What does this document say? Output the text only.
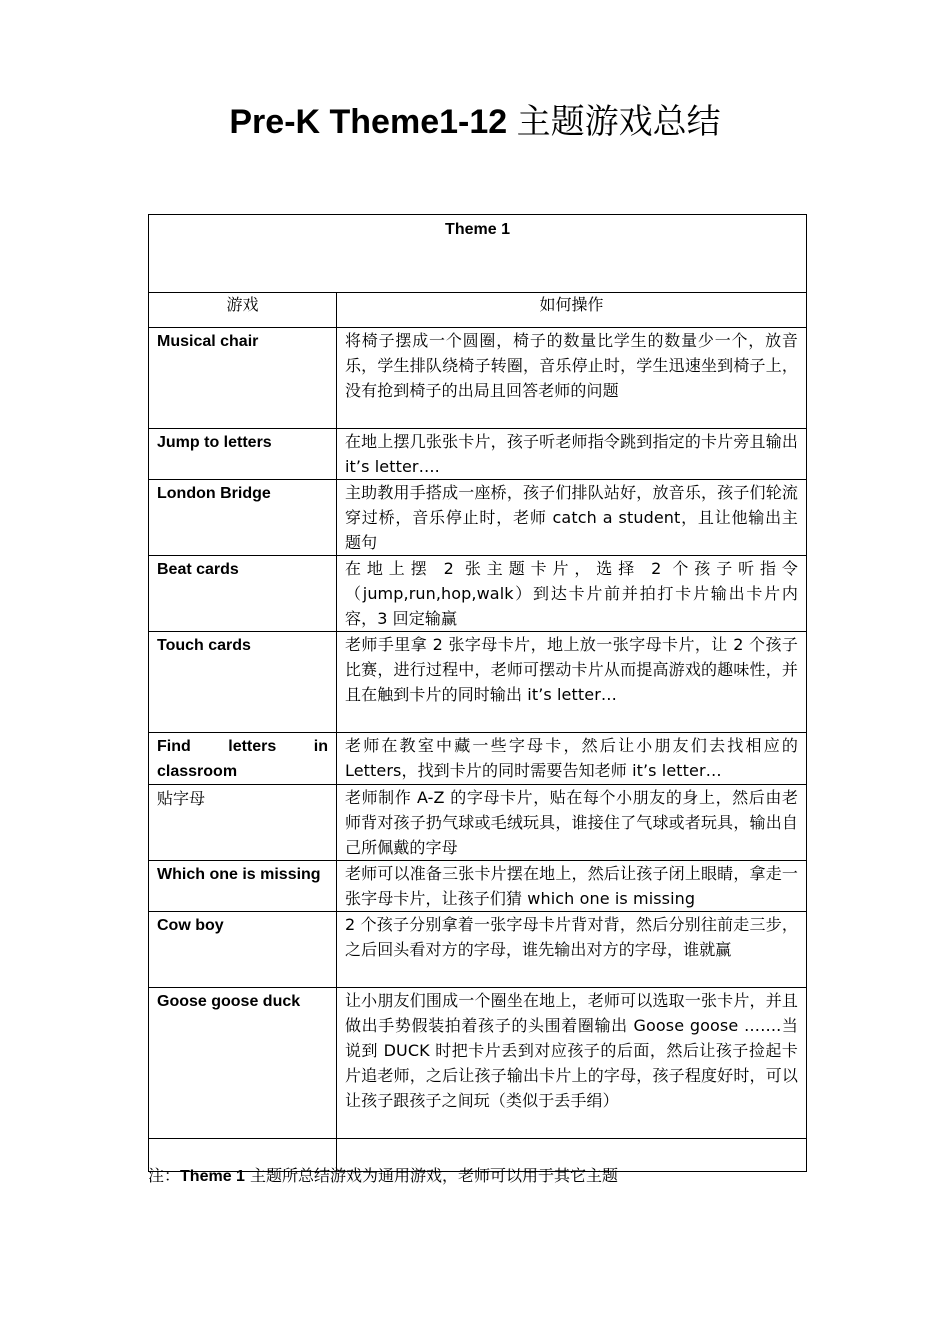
Pre-K Theme1-12 主题游戏总结
Theme 1	
游戏	如何操作
Musical chair	将椅子摆成一个圆圈，椅子的数量比学生的数量少一个，放音乐，学生排队绕椅子转圈，音乐停止时，学生迅速坐到椅子上，没有抢到椅子的出局且回答老师的问题
Jump to letters	在地上摆几张张卡片，孩子听老师指令跳到指定的卡片旁且输出 it’s letter….
London Bridge	主助教用手搭成一座桥，孩子们排队站好，放音乐，孩子们轮流穿过桥，音乐停止时，老师 catch a student，且让他输出主题句
Beat cards	在地上摆 2 张主题卡片，选择 2 个孩子听指令（jump,run,hop,walk）到达卡片前并拍打卡片输出卡片内容，3 回定输赢
Touch cards	老师手里拿 2 张字母卡片，地上放一张字母卡片，让 2 个孩子比赛，进行过程中，老师可摆动卡片从而提高游戏的趣味性，并且在触到卡片的同时输出 it’s letter…
Find letters in classroom	老师在教室中藏一些字母卡，然后让小朋友们去找相应的 Letters，找到卡片的同时需要告知老师 it’s letter…
贴字母	老师制作 A-Z 的字母卡片，贴在每个小朋友的身上，然后由老师背对孩子扔气球或毛绒玩具，谁接住了气球或者玩具，输出自己所佩戴的字母
Which one is missing	老师可以准备三张卡片摆在地上，然后让孩子闭上眼睛，拿走一张字母卡片，让孩子们猜 which one is missing
Cow boy	2 个孩子分别拿着一张字母卡片背对背，然后分别往前走三步，之后回头看对方的字母，谁先输出对方的字母，谁就赢
Goose goose duck	让小朋友们围成一个圈坐在地上，老师可以选取一张卡片，并且做出手势假装拍着孩子的头围着圈输出 Goose goose …….当说到 DUCK 时把卡片丢到对应孩子的后面，然后让孩子捡起卡片追老师，之后让孩子输出卡片上的字母，孩子程度好时，可以让孩子跟孩子之间玩（类似于丢手绢）

注：Theme 1 主题所总结游戏为通用游戏，老师可以用于其它主题
